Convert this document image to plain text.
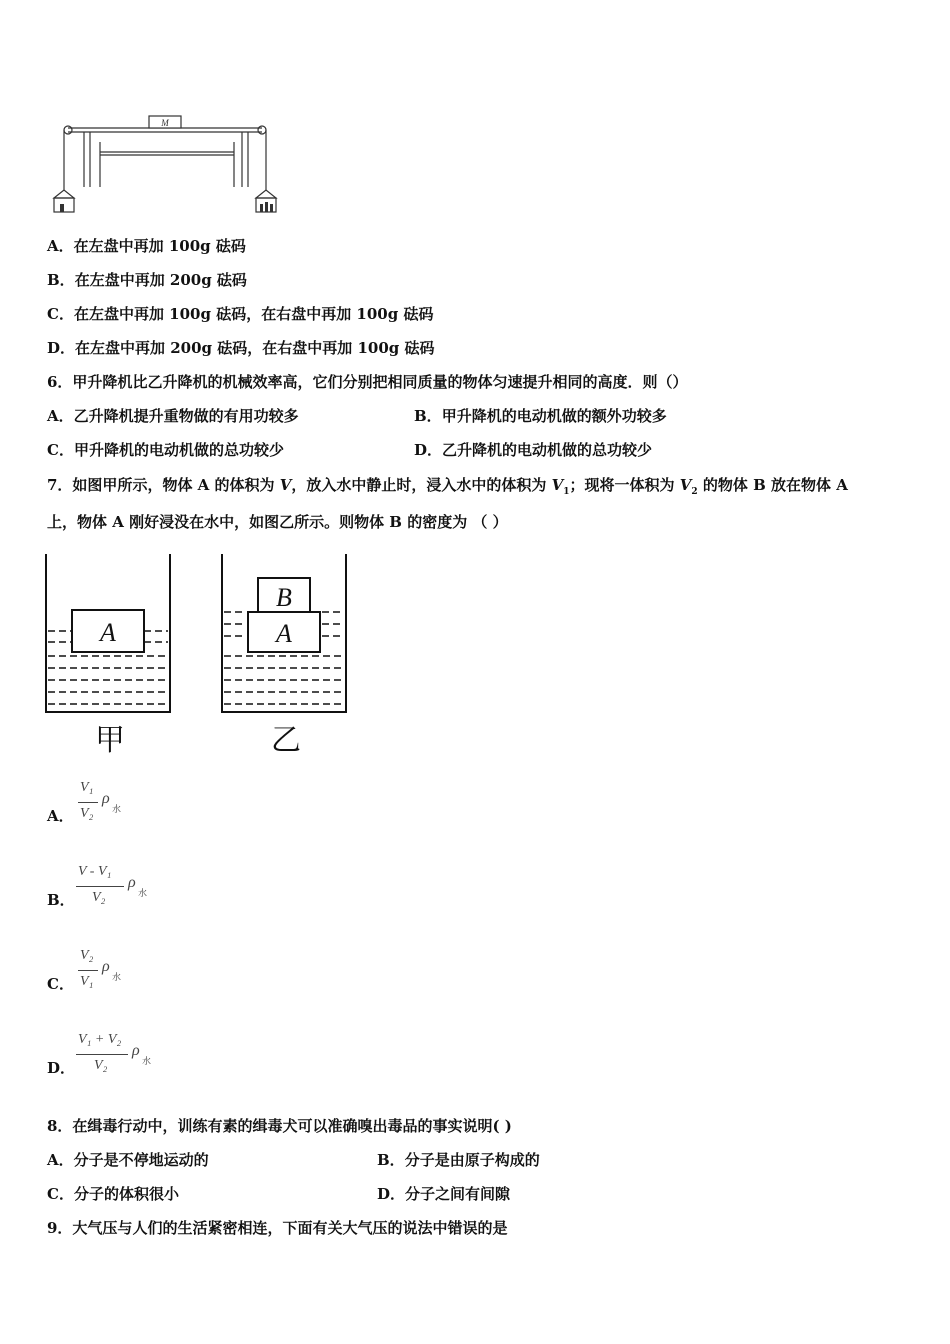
M
A．在左盘中再加 100g 砝码
B．在左盘中再加 200g 砝码
C．在左盘中再加 100g 砝码，在右盘中再加 100g 砝码
D．在左盘中再加 200g 砝码，在右盘中再加 100g 砝码
6．甲升降机比乙升降机的机械效率高，它们分别把相同质量的物体匀速提升相同的高度．则（）
A．乙升降机提升重物做的有用功较多	B．甲升降机的电动机做的额外功较多
C．甲升降机的电动机做的总功较少	D．乙升降机的电动机做的总功较少
7．如图甲所示，物体 A 的体积为 V，放入水中静止时，浸入水中的体积为 $V_1$；现将一体积为 $V_2$ 的物体 B 放在物体 A
上，物体 A 刚好浸没在水中，如图乙所示。则物体 B 的密度为 （ ）
A	A
B
甲	乙
A．
V₁
V₂
ρ
水
B．
V - V₁
V₂
ρ
水
C．
V₂
V₁
ρ
水
D．
V₁ + V₂
V₂
ρ
水
8．在缉毒行动中，训练有素的缉毒犬可以准确嗅出毒品的事实说明( )
A．分子是不停地运动的	B．分子是由原子构成的
C．分子的体积很小	D．分子之间有间隙
9．大气压与人们的生活紧密相连，下面有关大气压的说法中错误的是
